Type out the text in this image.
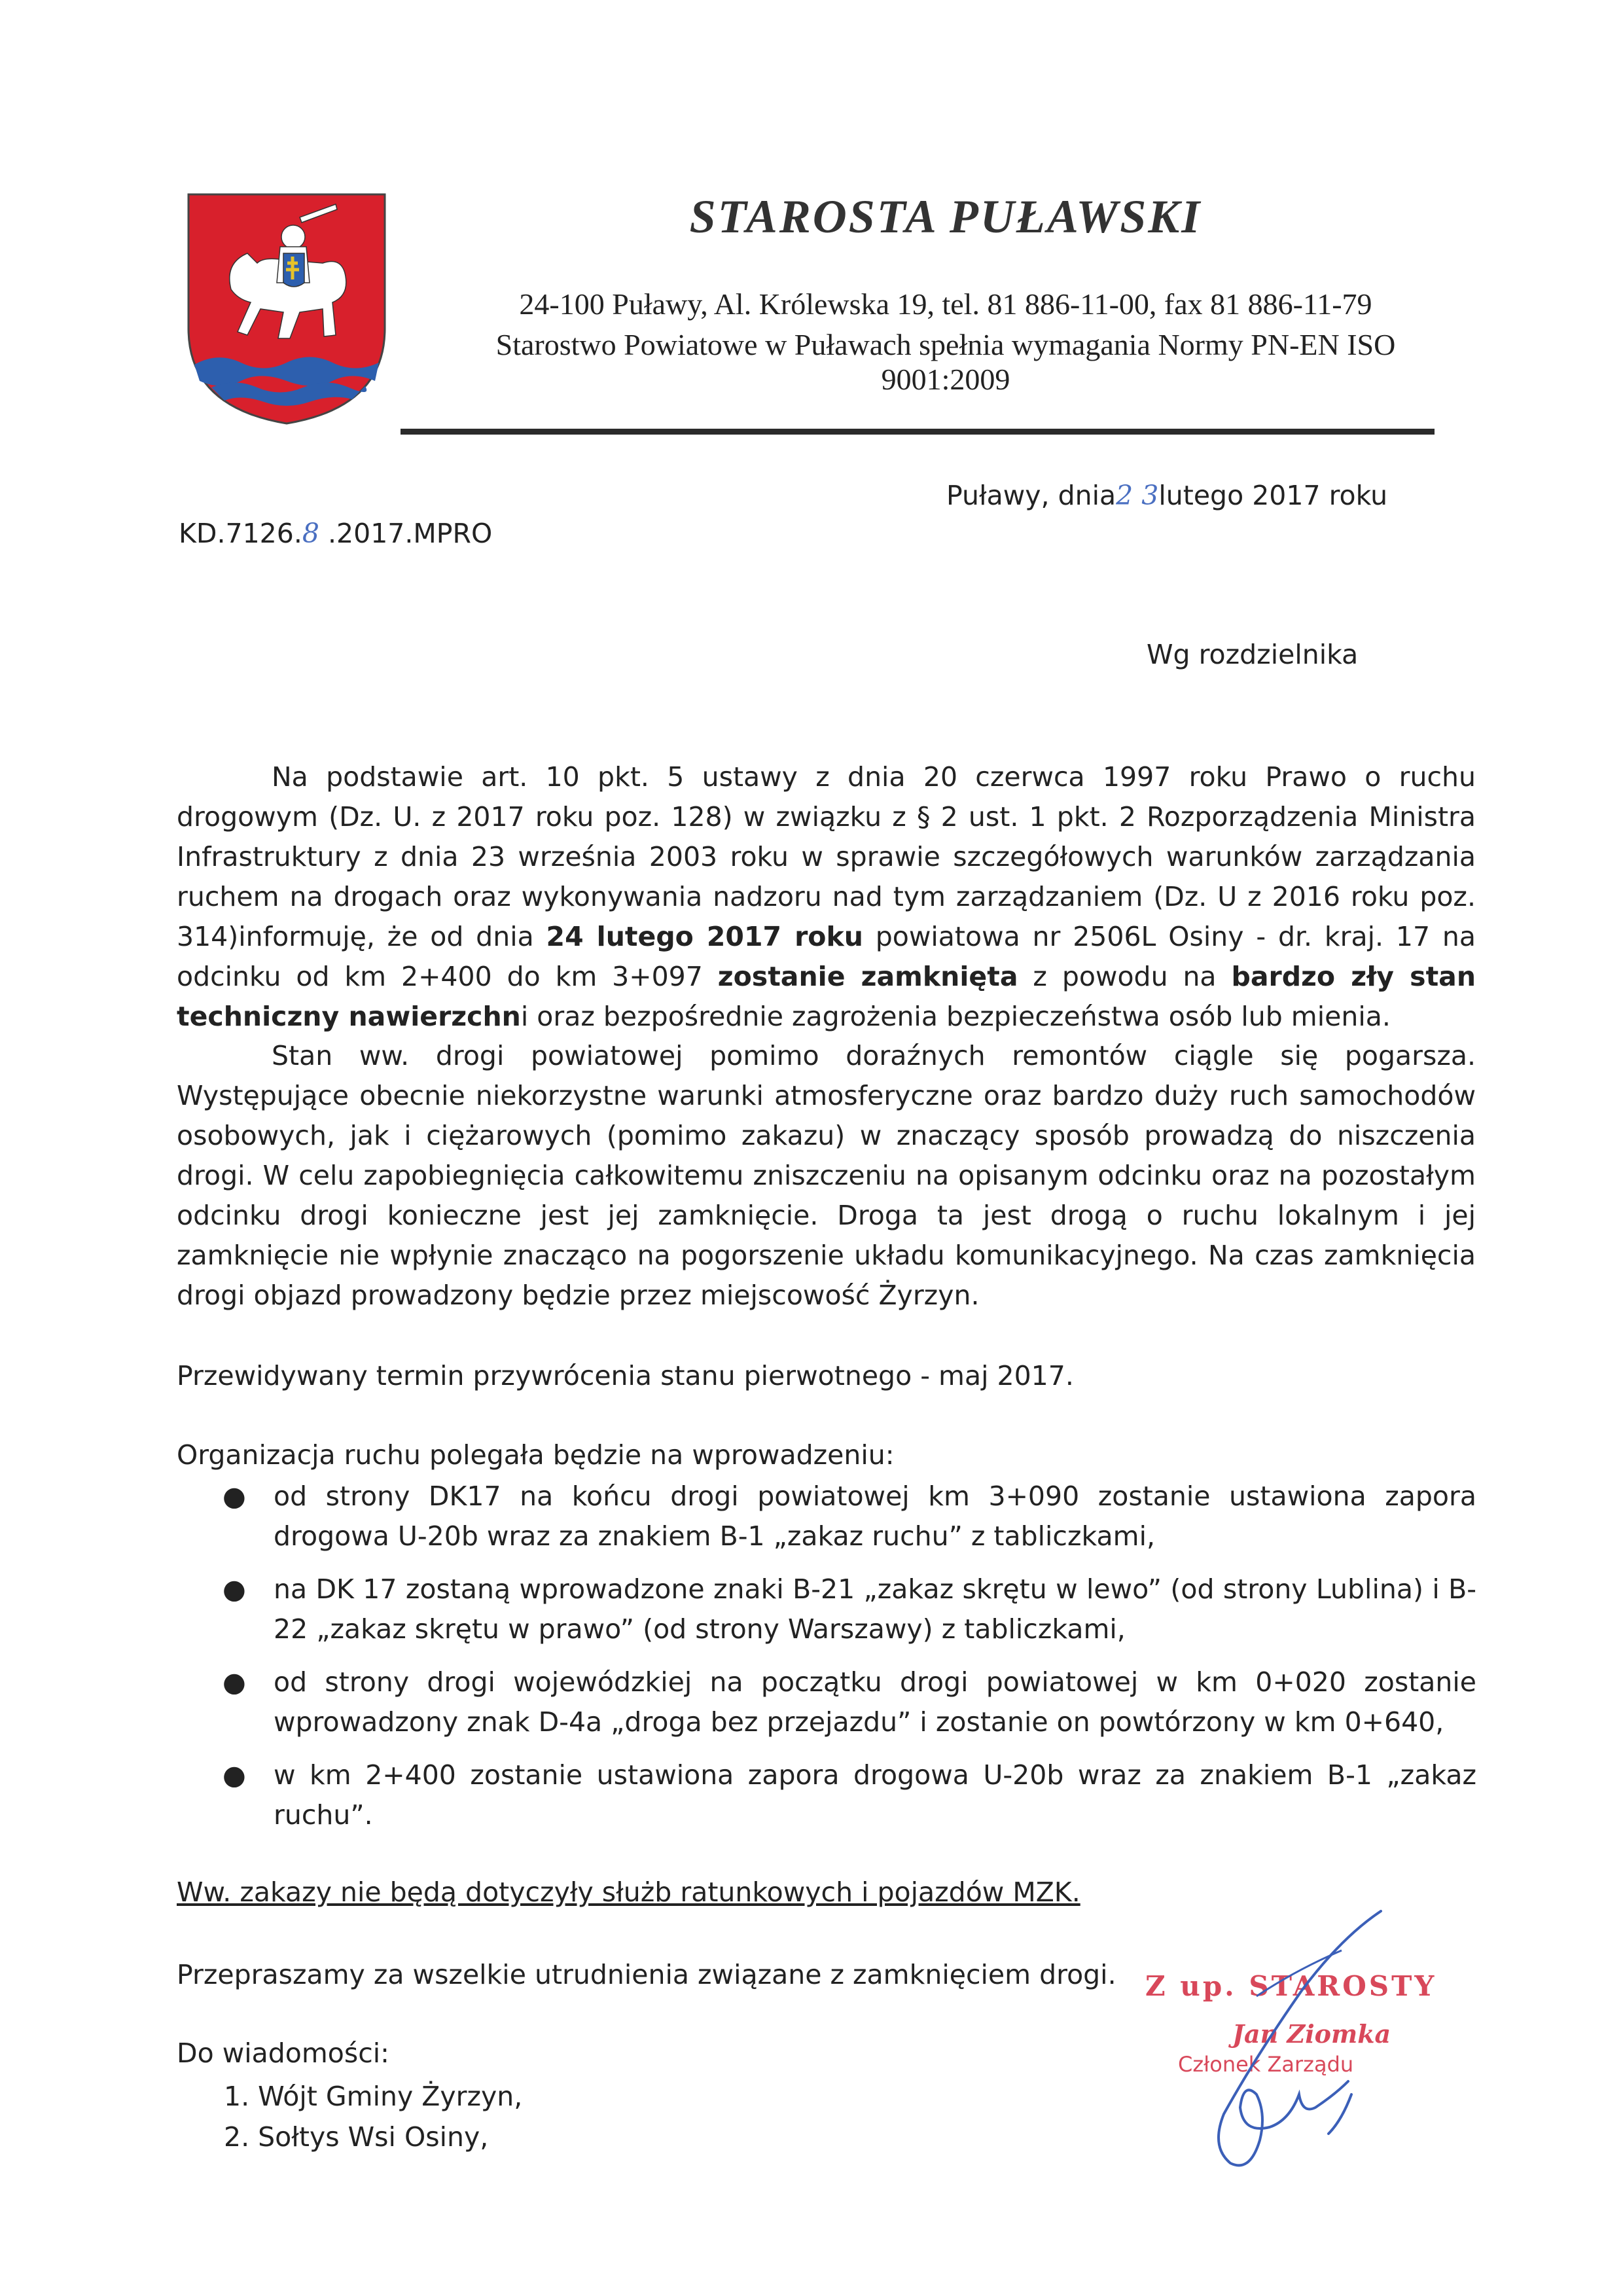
STAROSTA PUŁAWSKI
24-100 Puławy, Al. Królewska 19, tel. 81 886-11-00, fax 81 886-11-79
Starostwo Powiatowe w Puławach spełnia wymagania Normy PN-EN ISO
9001:2009
Puławy, dnia2 3lutego 2017 roku
KD.7126.8 .2017.MPRO
Wg rozdzielnika
Na podstawie art. 10 pkt. 5 ustawy z dnia 20 czerwca 1997 roku Prawo o ruchu drogowym (Dz. U. z 2017 roku poz. 128) w związku z § 2 ust. 1 pkt. 2 Rozporządzenia Ministra Infrastruktury z dnia 23 września 2003 roku w sprawie szczegółowych warunków zarządzania ruchem na drogach oraz wykonywania nadzoru nad tym zarządzaniem (Dz. U z 2016 roku poz. 314)informuję, że od dnia 24 lutego 2017 roku powiatowa nr 2506L Osiny - dr. kraj. 17 na odcinku od km 2+400 do km 3+097 zostanie zamknięta z powodu na bardzo zły stan techniczny nawierzchni oraz bezpośrednie zagrożenia bezpieczeństwa osób lub mienia.
Stan ww. drogi powiatowej pomimo doraźnych remontów ciągle się pogarsza. Występujące obecnie niekorzystne warunki atmosferyczne oraz bardzo duży ruch samochodów osobowych, jak i ciężarowych (pomimo zakazu) w znaczący sposób prowadzą do niszczenia drogi. W celu zapobiegnięcia całkowitemu zniszczeniu na opisanym odcinku oraz na pozostałym odcinku drogi konieczne jest jej zamknięcie. Droga ta jest drogą o ruchu lokalnym i jej zamknięcie nie wpłynie znacząco na pogorszenie układu komunikacyjnego. Na czas zamknięcia drogi objazd prowadzony będzie przez miejscowość Żyrzyn.
Przewidywany termin przywrócenia stanu pierwotnego - maj 2017.
Organizacja ruchu polegała będzie na wprowadzeniu:
● od strony DK17 na końcu drogi powiatowej km 3+090 zostanie ustawiona zapora drogowa U-20b wraz za znakiem B-1 „zakaz ruchu” z tabliczkami,
● na DK 17 zostaną wprowadzone znaki B-21 „zakaz skrętu w lewo” (od strony Lublina) i B-22 „zakaz skrętu w prawo” (od strony Warszawy) z tabliczkami,
● od strony drogi wojewódzkiej na początku drogi powiatowej w km 0+020 zostanie wprowadzony znak D-4a „droga bez przejazdu” i zostanie on powtórzony w km 0+640,
● w km 2+400 zostanie ustawiona zapora drogowa U-20b wraz za znakiem B-1 „zakaz ruchu”.
Ww. zakazy nie będą dotyczyły służb ratunkowych i pojazdów MZK.
Przepraszamy za wszelkie utrudnienia związane z zamknięciem drogi.
Do wiadomości:
1. Wójt Gminy Żyrzyn,
2. Sołtys Wsi Osiny,
Z up. STAROSTY
Jan Ziomka
Członek Zarządu
